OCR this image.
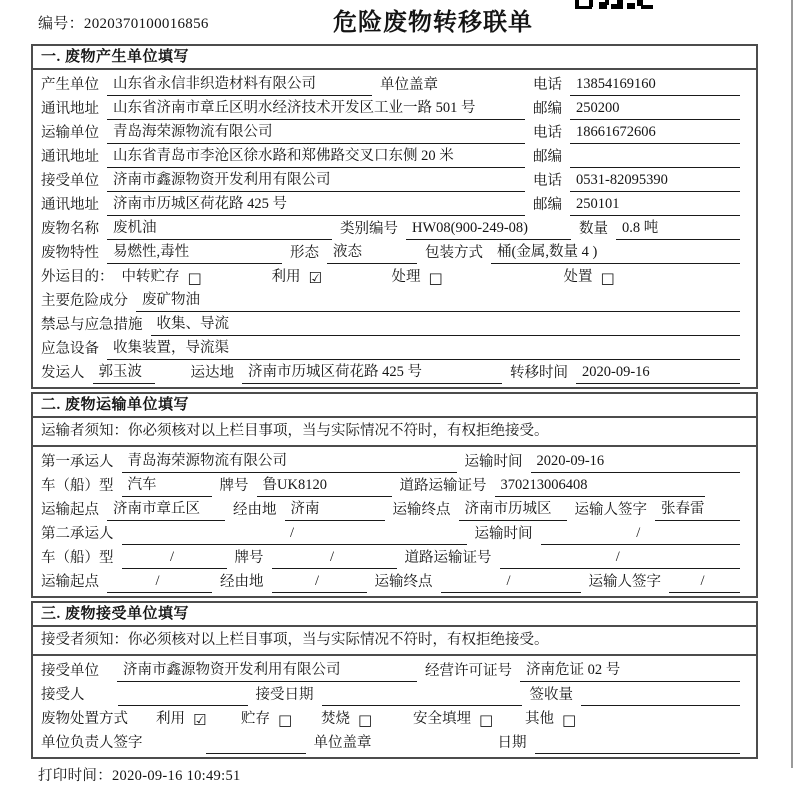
编号：2020370100016856	危险废物转移联单
一. 废物产生单位填写
产生单位 山东省永信非织造材料有限公司	单位盖章	电话 13854169160
通讯地址 山东省济南市章丘区明水经济技术开发区工业一路 501 号	邮编 250200
运输单位 青岛海荣源物流有限公司	电话 18661672606
通讯地址 山东省青岛市李沧区徐水路和郑佛路交叉口东侧 20 米	邮编
接受单位 济南市鑫源物资开发利用有限公司	电话 0531-82095390
通讯地址 济南市历城区荷花路 425 号	邮编 250101
废物名称 废机油	类别编号 HW08(900-249-08)	数量 0.8 吨
废物特性 易燃性,毒性	形态 液态	包装方式 桶(金属,数量 4 )
外运目的： 中转贮存 □	利用 ☑	处理 □	处置 □
主要危险成分 废矿物油
禁忌与应急措施 收集、导流
应急设备 收集装置，导流渠
发运人 郭玉波	运达地 济南市历城区荷花路 425 号	转移时间 2020-09-16
二. 废物运输单位填写
运输者须知：你必须核对以上栏目事项，当与实际情况不符时，有权拒绝接受。
第一承运人 青岛海荣源物流有限公司	运输时间 2020-09-16
车（船）型 汽车	牌号 鲁UK8120	道路运输证号 370213006408
运输起点 济南市章丘区	经由地 济南	运输终点 济南市历城区	运输人签字 张春雷
第二承运人	/	运输时间	/
车（船）型	/	牌号	/	道路运输证号	/
运输起点	/	经由地	/	运输终点	/	运输人签字	/
三. 废物接受单位填写
接受者须知：你必须核对以上栏目事项，当与实际情况不符时，有权拒绝接受。
接受单位	济南市鑫源物资开发利用有限公司	经营许可证号 济南危证 02 号
接受人	接受日期	签收量
废物处置方式 利用 ☑ 贮存 □ 焚烧 □	安全填埋 □ 其他 □
单位负责人签字	单位盖章	日期
打印时间：2020-09-16 10:49:51
